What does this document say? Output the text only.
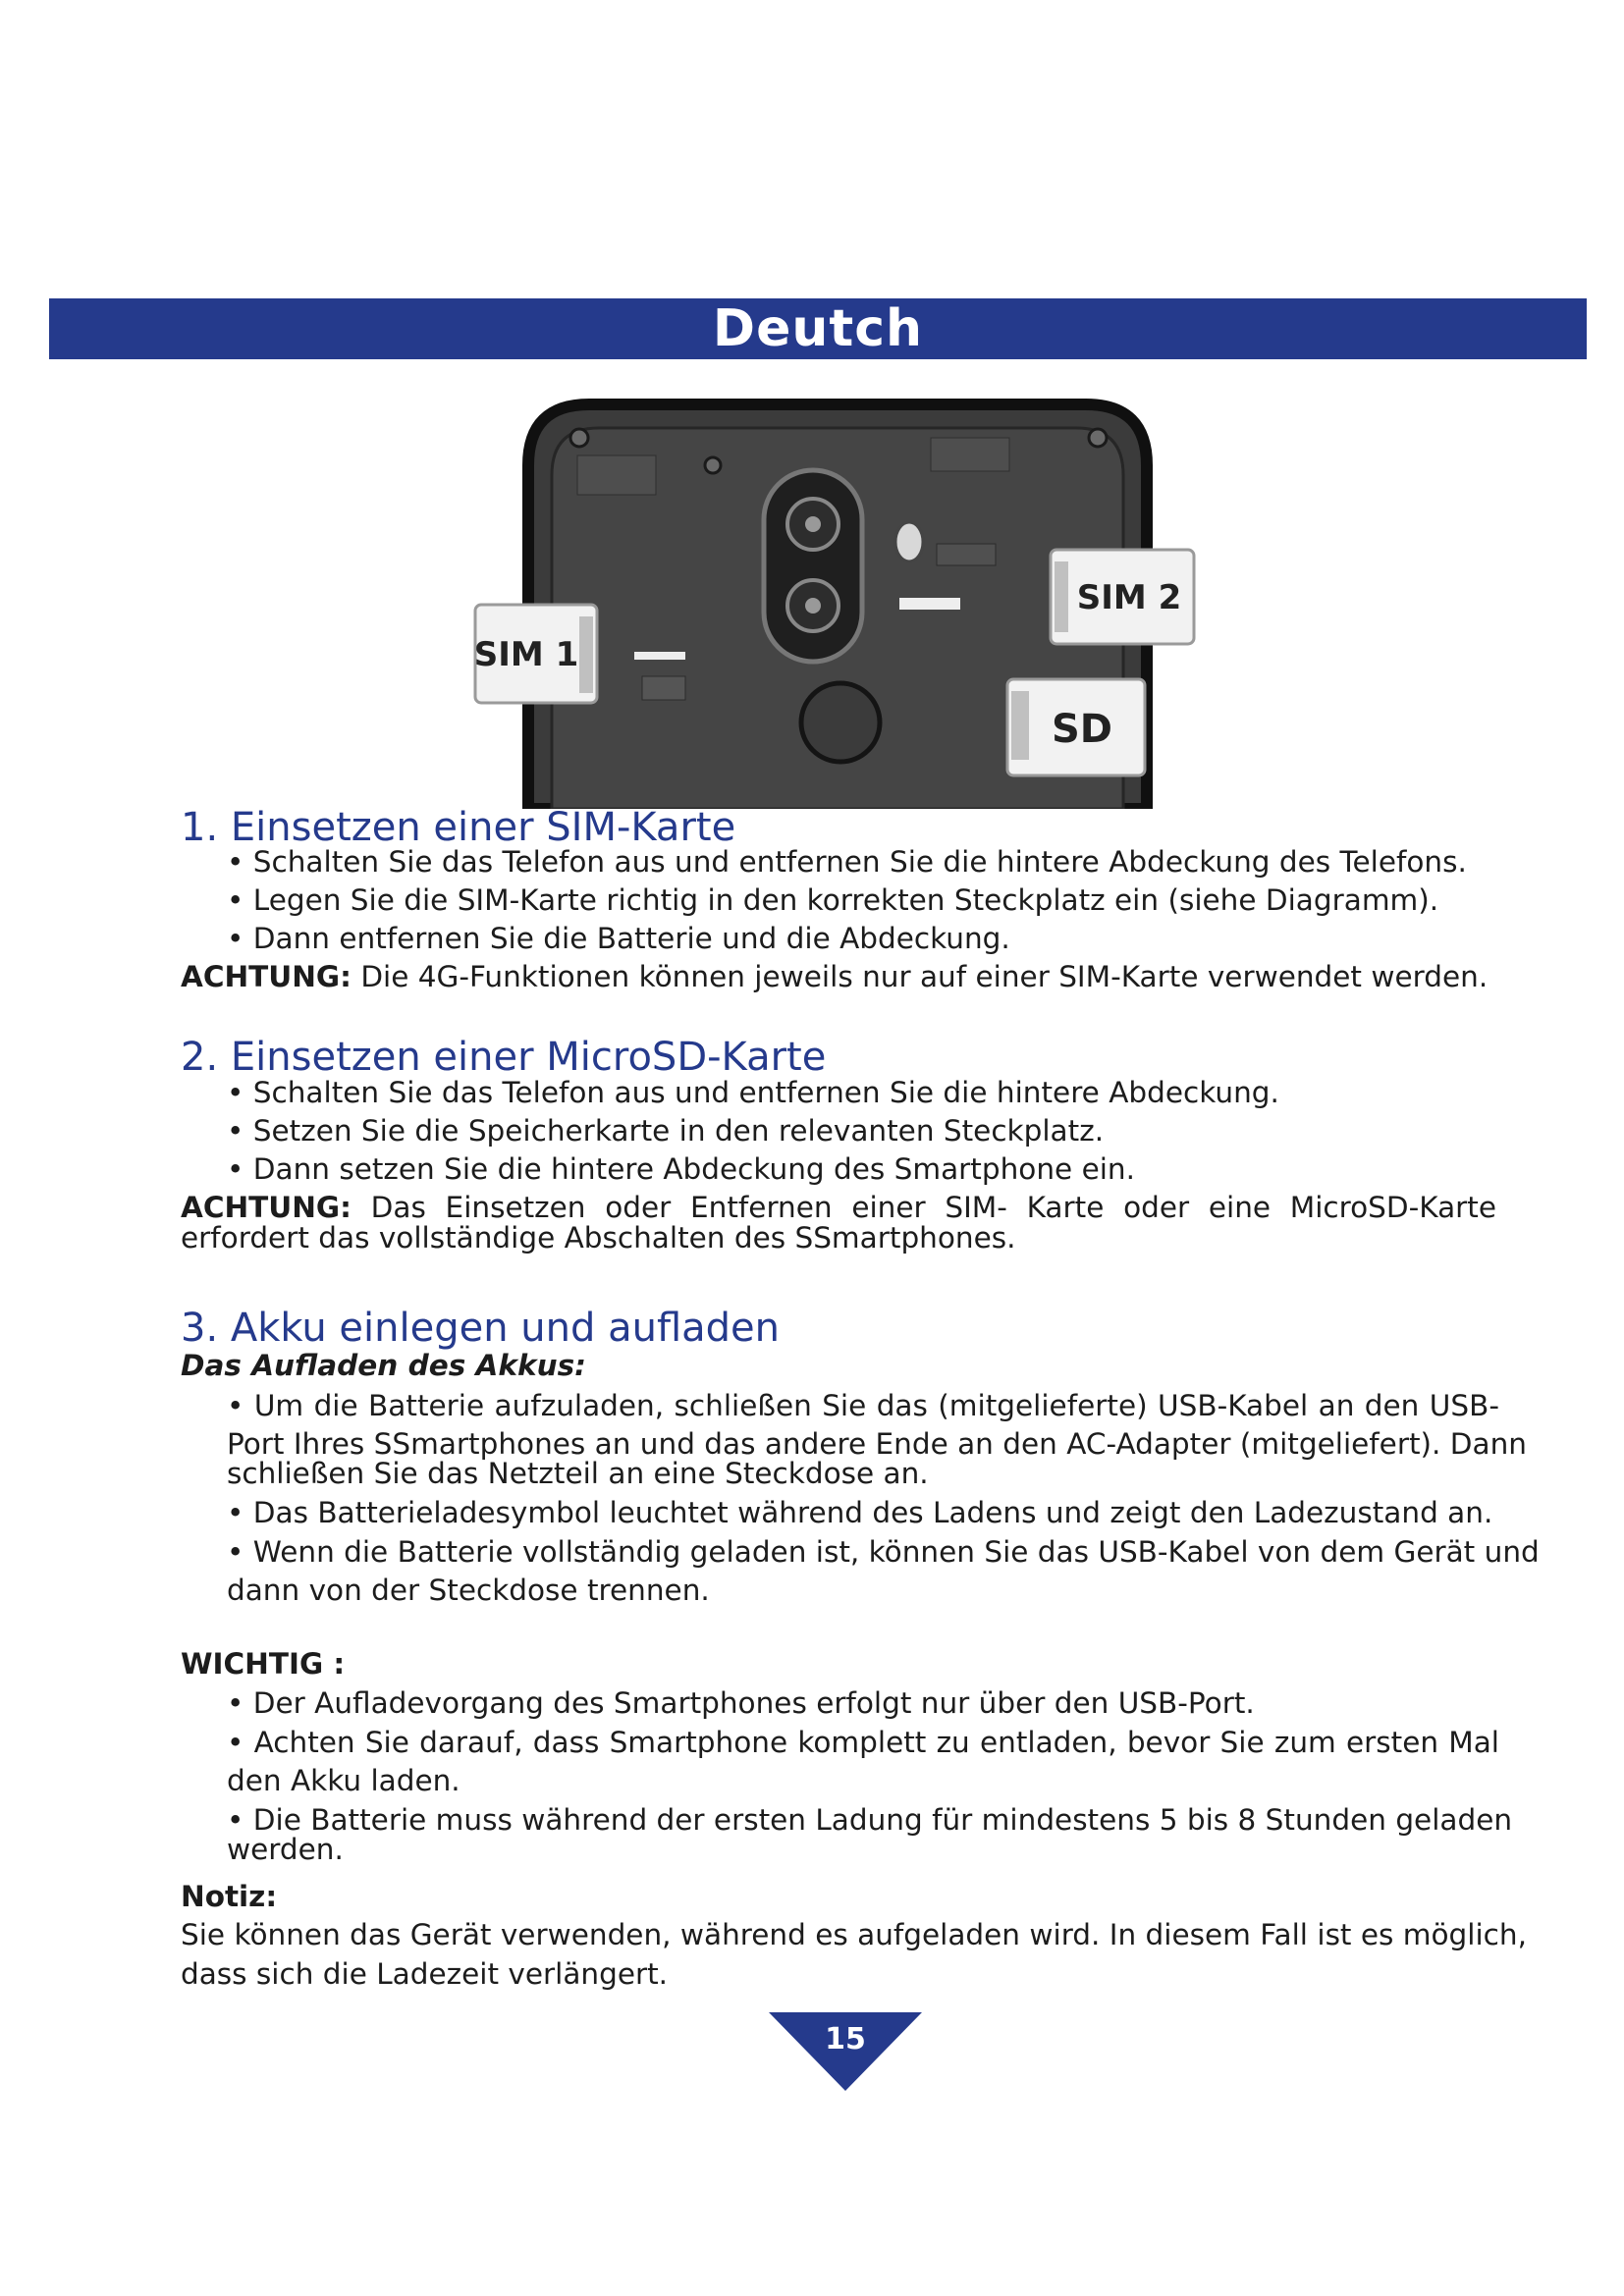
Deutch
SIM 1
SIM 2
SD
1. Einsetzen einer SIM-Karte

• Schalten Sie das Telefon aus und entfernen Sie die hintere Abdeckung des Telefons.

• Legen Sie die SIM-Karte richtig in den korrekten Steckplatz ein (siehe Diagramm).

• Dann entfernen Sie die Batterie und die Abdeckung.

ACHTUNG: Die 4G-Funktionen können jeweils nur auf einer SIM-Karte verwendet werden.

2. Einsetzen einer MicroSD-Karte

• Schalten Sie das Telefon aus und entfernen Sie die hintere Abdeckung.

• Setzen Sie die Speicherkarte in den relevanten Steckplatz.

• Dann setzen Sie die hintere Abdeckung des Smartphone ein.

ACHTUNG: Das Einsetzen oder Entfernen einer SIM- Karte oder eine MicroSD-Karte

erfordert das vollständige Abschalten des SSmartphones.

3. Akku einlegen und aufladen

Das Aufladen des Akkus:

• Um die Batterie aufzuladen, schließen Sie das (mitgelieferte) USB-Kabel an den USB-

Port Ihres SSmartphones an und das andere Ende an den AC-Adapter (mitgeliefert). Dann

schließen Sie das Netzteil an eine Steckdose an.

• Das Batterieladesymbol leuchtet während des Ladens und zeigt den Ladezustand an.

• Wenn die Batterie vollständig geladen ist, können Sie das USB-Kabel von dem Gerät und

dann von der Steckdose trennen.

WICHTIG :

• Der Aufladevorgang des Smartphones erfolgt nur über den USB-Port.

• Achten Sie darauf, dass Smartphone komplett zu entladen, bevor Sie zum ersten Mal

den Akku laden.

• Die Batterie muss während der ersten Ladung für mindestens 5 bis 8 Stunden geladen

werden.

Notiz:

Sie können das Gerät verwenden, während es aufgeladen wird. In diesem Fall ist es möglich,

dass sich die Ladezeit verlängert.

15
